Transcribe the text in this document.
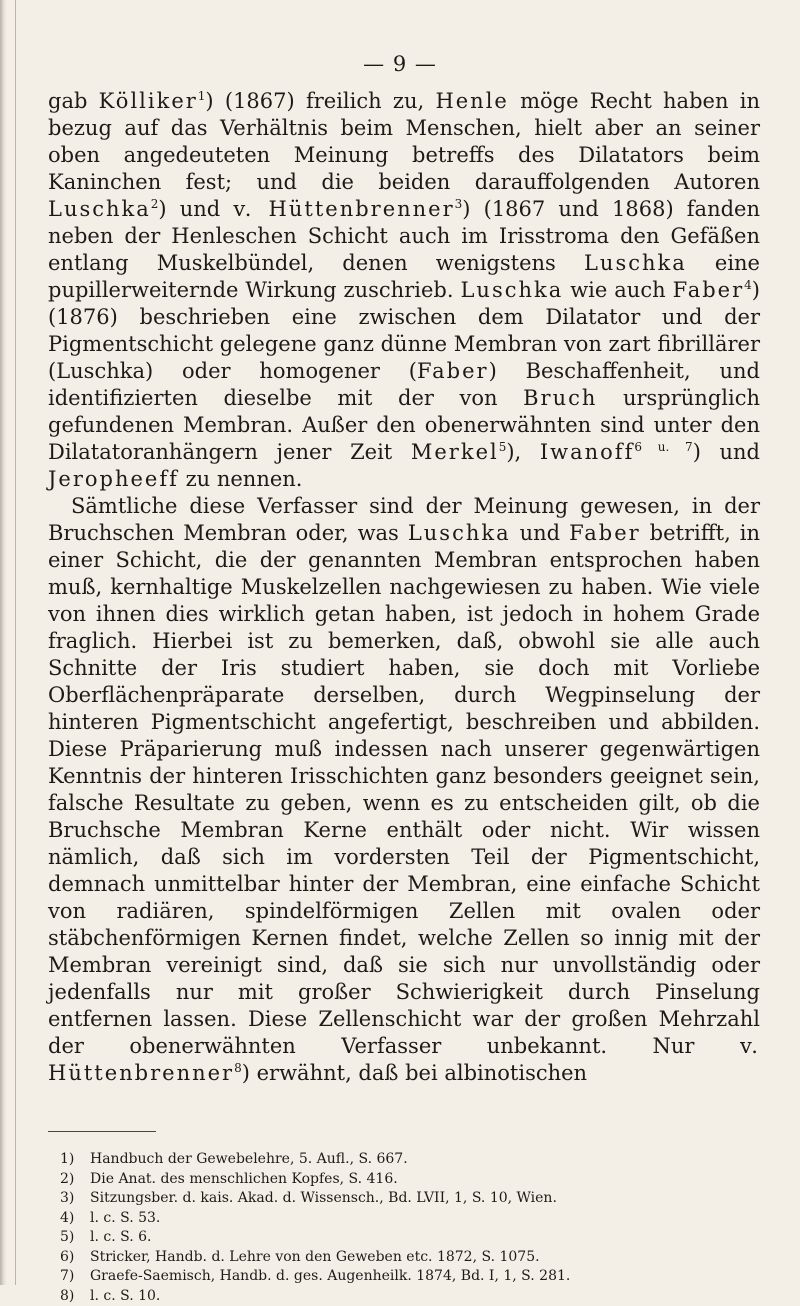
— 9 —

gab Kölliker$^1$) (1867) freilich zu, Henle möge Recht haben in bezug auf das Verhältnis beim Menschen, hielt aber an seiner oben angedeuteten Meinung betreffs des Dilatators beim Kaninchen fest; und die beiden darauffolgenden Autoren Luschka$^2$) und v. Hüttenbrenner$^3$) (1867 und 1868) fanden neben der Henleschen Schicht auch im Irisstroma den Gefäßen entlang Muskelbündel, denen wenigstens Luschka eine pupillerweiternde Wirkung zuschrieb. Luschka wie auch Faber$^4$) (1876) beschrieben eine zwischen dem Dilatator und der Pigmentschicht gelegene ganz dünne Membran von zart fibrillärer (Luschka) oder homogener (Faber) Beschaffenheit, und identifizierten dieselbe mit der von Bruch ursprünglich gefundenen Membran. Außer den obenerwähnten sind unter den Dilatatoranhängern jener Zeit Merkel$^5$), Iwanoff$^{6 u. 7}$) und Jeropheeff zu nennen.

Sämtliche diese Verfasser sind der Meinung gewesen, in der Bruchschen Membran oder, was Luschka und Faber betrifft, in einer Schicht, die der genannten Membran entsprochen haben muß, kernhaltige Muskelzellen nachgewiesen zu haben. Wie viele von ihnen dies wirklich getan haben, ist jedoch in hohem Grade fraglich. Hierbei ist zu bemerken, daß, obwohl sie alle auch Schnitte der Iris studiert haben, sie doch mit Vorliebe Oberflächenpräparate derselben, durch Wegpinselung der hinteren Pigmentschicht angefertigt, beschreiben und abbilden. Diese Präparierung muß indessen nach unserer gegenwärtigen Kenntnis der hinteren Irisschichten ganz besonders geeignet sein, falsche Resultate zu geben, wenn es zu entscheiden gilt, ob die Bruchsche Membran Kerne enthält oder nicht. Wir wissen nämlich, daß sich im vordersten Teil der Pigmentschicht, demnach unmittelbar hinter der Membran, eine einfache Schicht von radiären, spindelförmigen Zellen mit ovalen oder stäbchenförmigen Kernen findet, welche Zellen so innig mit der Membran vereinigt sind, daß sie sich nur unvollständig oder jedenfalls nur mit großer Schwierigkeit durch Pinselung entfernen lassen. Diese Zellenschicht war der großen Mehrzahl der obenerwähnten Verfasser unbekannt. Nur v. Hüttenbrenner$^8$) erwähnt, daß bei albinotischen

1)	Handbuch der Gewebelehre, 5. Aufl., S. 667.
2)	Die Anat. des menschlichen Kopfes, S. 416.
3)	Sitzungsber. d. kais. Akad. d. Wissensch., Bd. LVII, 1, S. 10, Wien.
4)	l. c. S. 53.
5)	l. c. S. 6.
6)	Stricker, Handb. d. Lehre von den Geweben etc. 1872, S. 1075.
7)	Graefe-Saemisch, Handb. d. ges. Augenheilk. 1874, Bd. I, 1, S. 281.
8)	l. c. S. 10.
